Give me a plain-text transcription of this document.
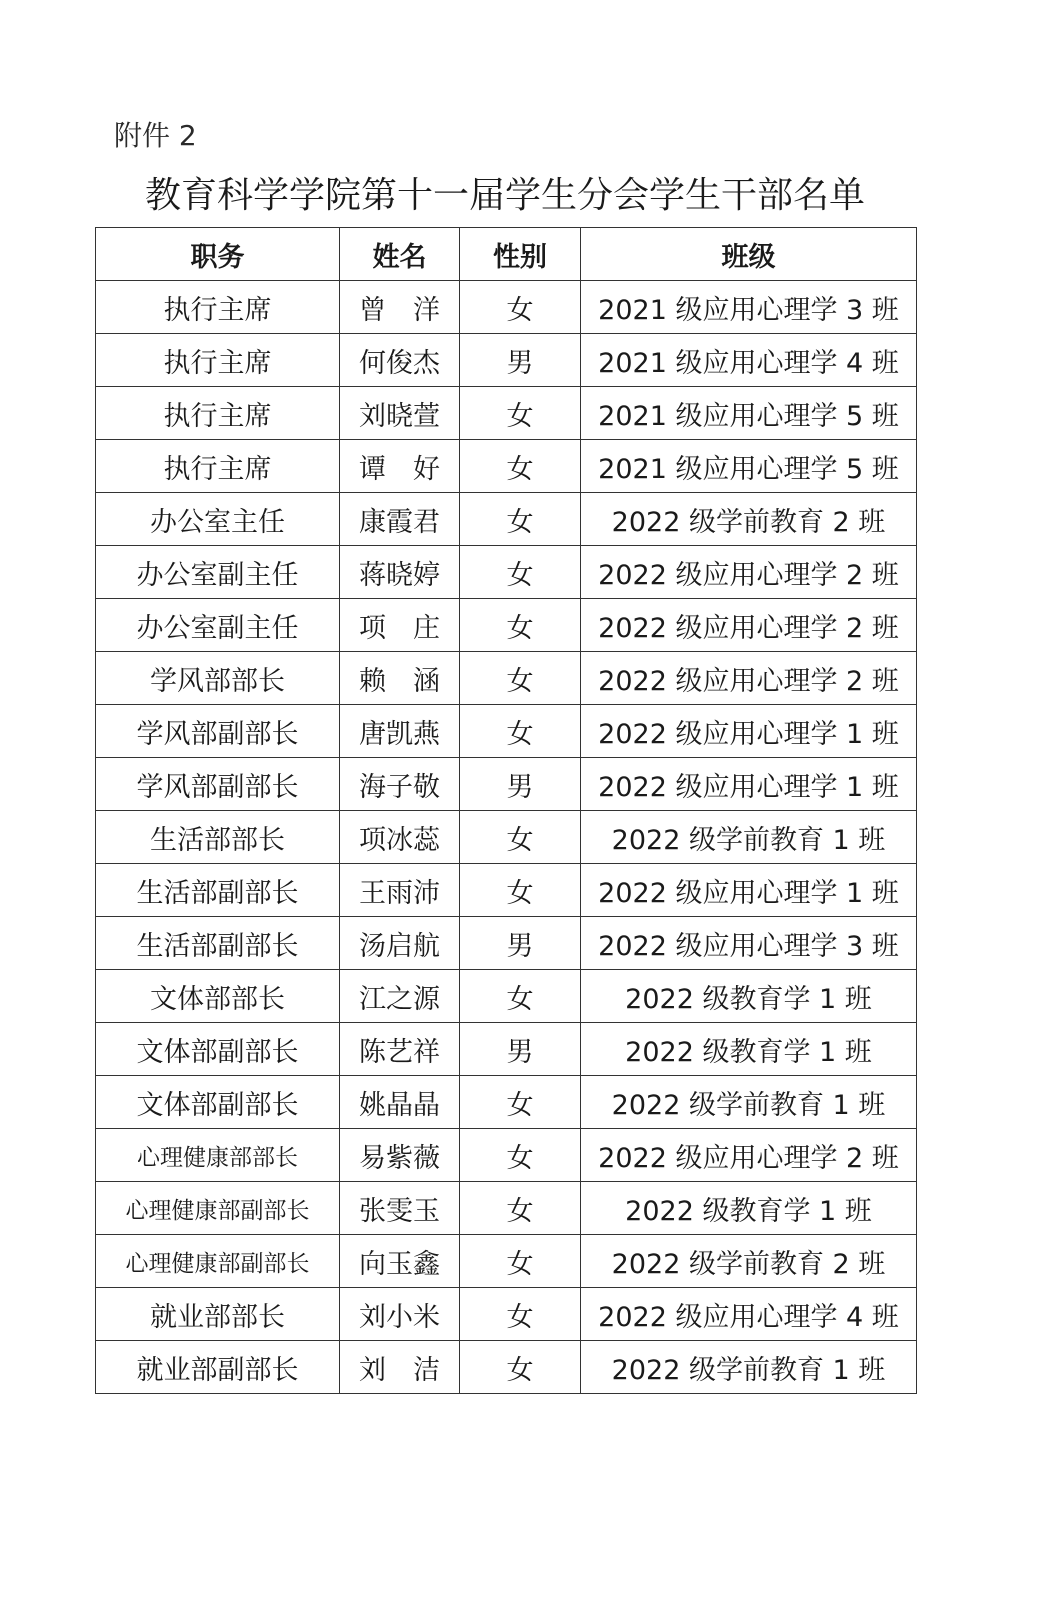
附件 2
教育科学学院第十一届学生分会学生干部名单
职务	姓名	性别	班级
执行主席	曾　洋	女	2021 级应用心理学 3 班
执行主席	何俊杰	男	2021 级应用心理学 4 班
执行主席	刘晓萱	女	2021 级应用心理学 5 班
执行主席	谭　好	女	2021 级应用心理学 5 班
办公室主任	康霞君	女	2022 级学前教育 2 班
办公室副主任	蒋晓婷	女	2022 级应用心理学 2 班
办公室副主任	项　庄	女	2022 级应用心理学 2 班
学风部部长	赖　涵	女	2022 级应用心理学 2 班
学风部副部长	唐凯燕	女	2022 级应用心理学 1 班
学风部副部长	海子敬	男	2022 级应用心理学 1 班
生活部部长	项冰蕊	女	2022 级学前教育 1 班
生活部副部长	王雨沛	女	2022 级应用心理学 1 班
生活部副部长	汤启航	男	2022 级应用心理学 3 班
文体部部长	江之源	女	2022 级教育学 1 班
文体部副部长	陈艺祥	男	2022 级教育学 1 班
文体部副部长	姚晶晶	女	2022 级学前教育 1 班
心理健康部部长	易紫薇	女	2022 级应用心理学 2 班
心理健康部副部长	张雯玉	女	2022 级教育学 1 班
心理健康部副部长	向玉鑫	女	2022 级学前教育 2 班
就业部部长	刘小米	女	2022 级应用心理学 4 班
就业部副部长	刘　洁	女	2022 级学前教育 1 班
